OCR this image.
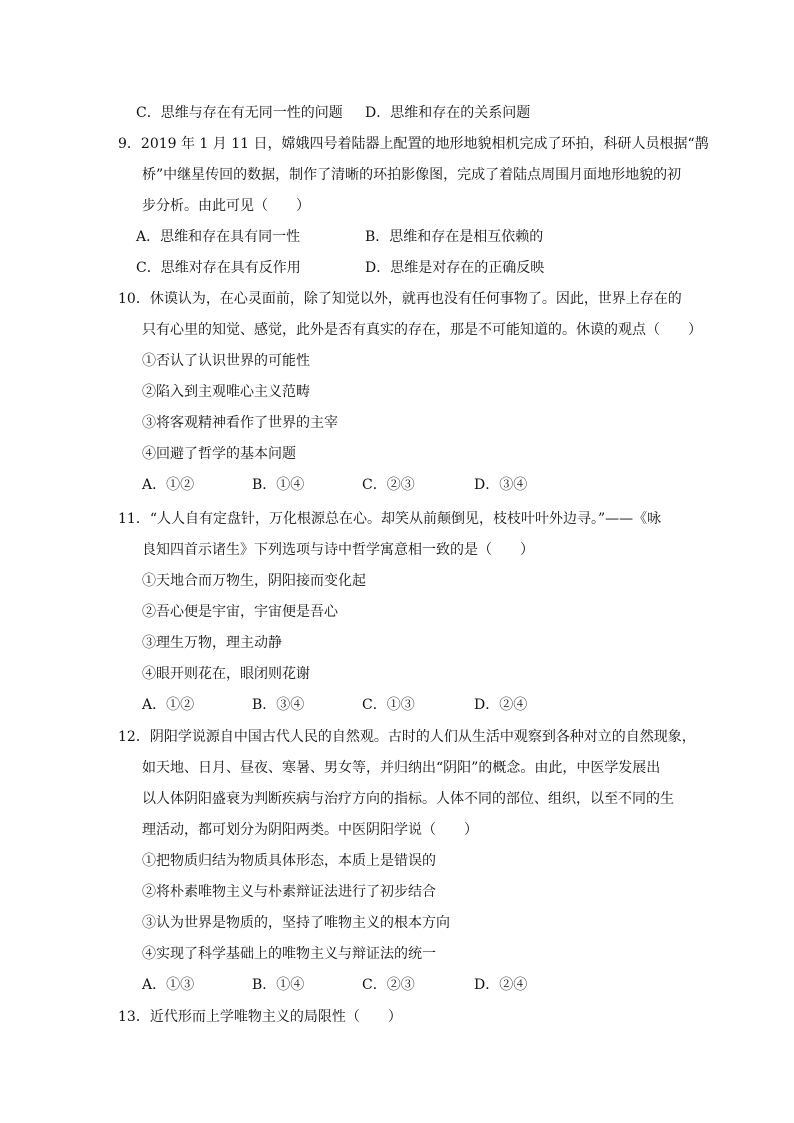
C．思维与存在有无同一性的问题 D．思维和存在的关系问题
9．2019 年 1 月 11 日，嫦娥四号着陆器上配置的地形地貌相机完成了环拍，科研人员根据“鹊
桥”中继星传回的数据，制作了清晰的环拍影像图，完成了着陆点周围月面地形地貌的初
步分析。由此可见（　　）
A．思维和存在具有同一性	B．思维和存在是相互依赖的
C．思维对存在具有反作用	D．思维是对存在的正确反映
10．休谟认为，在心灵面前，除了知觉以外，就再也没有任何事物了。因此，世界上存在的
只有心里的知觉、感觉，此外是否有真实的存在，那是不可能知道的。休谟的观点（　　）
①否认了认识世界的可能性
②陷入到主观唯心主义范畴
③将客观精神看作了世界的主宰
④回避了哲学的基本问题
A．①②	B．①④	C．②③	D．③④
11．“人人自有定盘针，万化根源总在心。却笑从前颠倒见，枝枝叶叶外边寻。”——《咏
良知四首示诸生》下列选项与诗中哲学寓意相一致的是（　　）
①天地合而万物生，阴阳接而变化起
②吾心便是宇宙，宇宙便是吾心
③理生万物，理主动静
④眼开则花在，眼闭则花谢
A．①②	B．③④	C．①③	D．②④
12．阴阳学说源自中国古代人民的自然观。古时的人们从生活中观察到各种对立的自然现象，
如天地、日月、昼夜、寒暑、男女等，并归纳出“阴阳”的概念。由此，中医学发展出
以人体阴阳盛衰为判断疾病与治疗方向的指标。人体不同的部位、组织，以至不同的生
理活动，都可划分为阴阳两类。中医阴阳学说（　　）
①把物质归结为物质具体形态，本质上是错误的
②将朴素唯物主义与朴素辩证法进行了初步结合
③认为世界是物质的，坚持了唯物主义的根本方向
④实现了科学基础上的唯物主义与辩证法的统一
A．①③	B．①④	C．②③	D．②④
13．近代形而上学唯物主义的局限性（　　）
